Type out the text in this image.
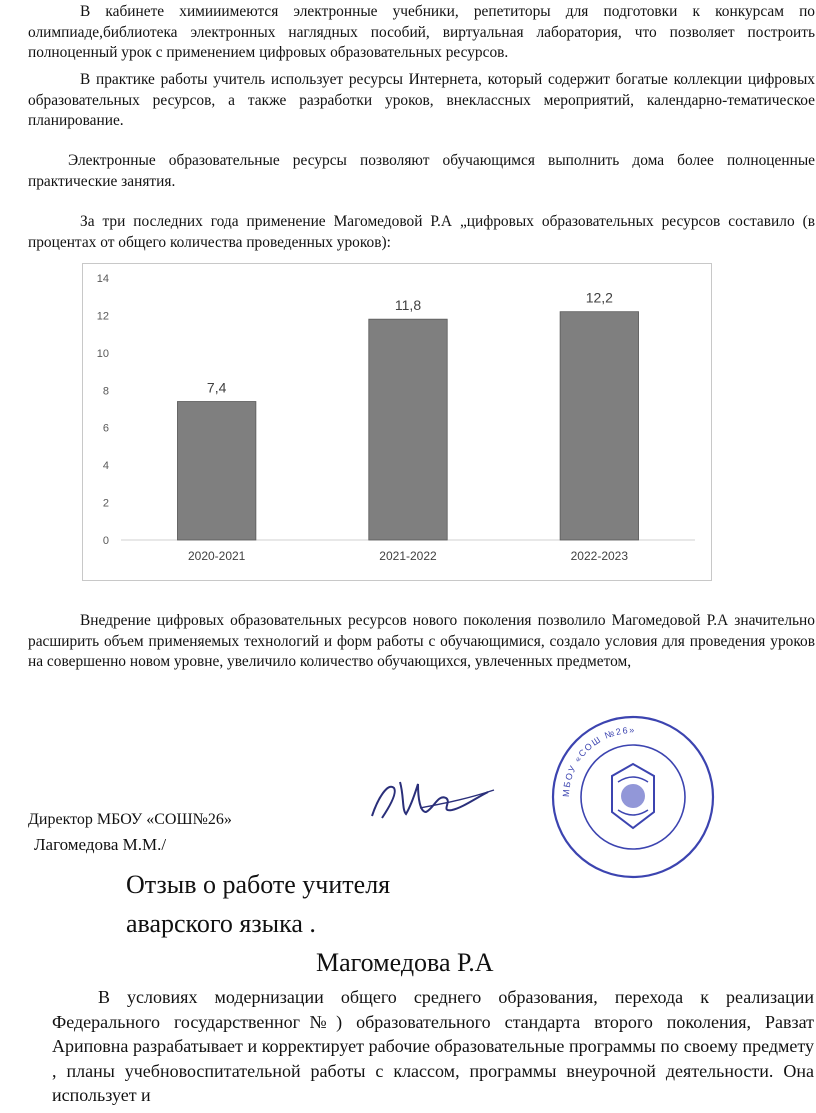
В кабинете химииимеются электронные учебники, репетиторы для подготовки к конкурсам по олимпиаде,библиотека электронных наглядных пособий, виртуальная лаборатория, что позволяет построить полноценный урок с применением цифровых образовательных ресурсов.

В практике работы учитель использует ресурсы Интернета, который содержит богатые коллекции цифровых образовательных ресурсов, а также разработки уроков, внеклассных мероприятий, календарно-тематическое планирование.

Электронные образовательные ресурсы позволяют обучающимся выполнить дома более полноценные практические занятия.

За три последних года применение Магомедовой Р.А „цифровых образовательных ресурсов составило (в процентах от общего количества проведенных уроков):

0
2
4
6
8
10
12
14
7,4
2020-2021
11,8
2021-2022
12,2
2022-2023

Внедрение цифровых образовательных ресурсов нового поколения позволило Магомедовой Р.А значительно расширить объем применяемых технологий и форм работы с обучающимися, создало условия для проведения уроков на совершенно новом уровне, увеличило количество обучающихся, увлеченных предметом,

МБОУ «СОШ №26»
Директор МБОУ «СОШ№26»
Лагомедова М.М./
Отзыв о работе учителя
аварского языка .
Магомедова Р.А

В условиях модернизации общего среднего образования, перехода к реализации Федерального государственног№) образовательного стандарта второго поколения, Равзат Ариповна разрабатывает и корректирует рабочие образовательные программы по своему предмету , планы учебновоспитательной работы с классом, программы внеурочной деятельности. Она использует и
